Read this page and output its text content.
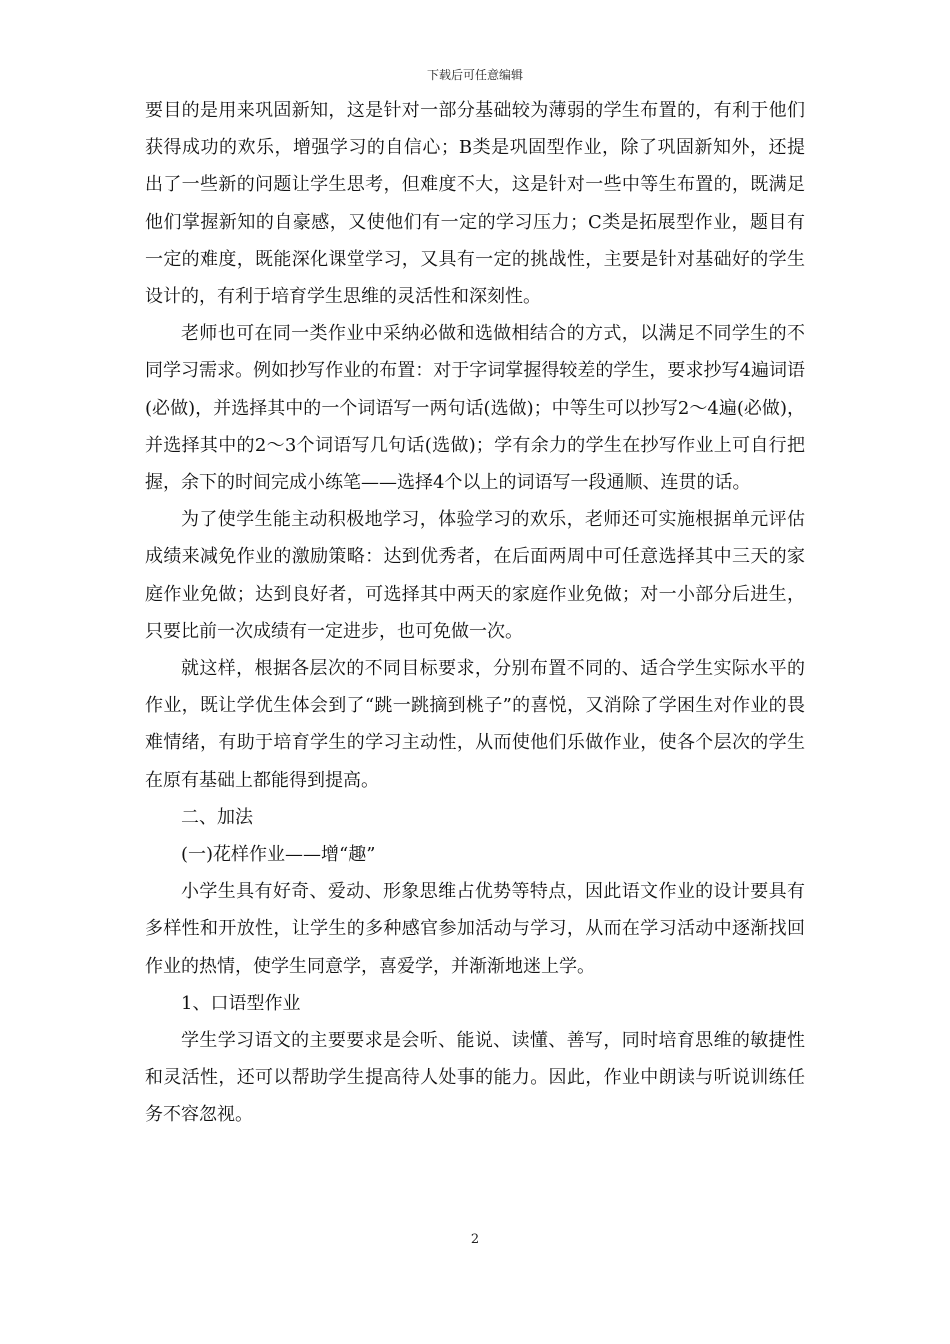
下载后可任意编辑

要目的是用来巩固新知，这是针对一部分基础较为薄弱的学生布置的，有利于他们获得成功的欢乐，增强学习的自信心；B类是巩固型作业，除了巩固新知外，还提出了一些新的问题让学生思考，但难度不大，这是针对一些中等生布置的，既满足他们掌握新知的自豪感，又使他们有一定的学习压力；C类是拓展型作业，题目有一定的难度，既能深化课堂学习，又具有一定的挑战性，主要是针对基础好的学生设计的，有利于培育学生思维的灵活性和深刻性。

老师也可在同一类作业中采纳必做和选做相结合的方式，以满足不同学生的不同学习需求。例如抄写作业的布置：对于字词掌握得较差的学生，要求抄写4遍词语(必做)，并选择其中的一个词语写一两句话(选做)；中等生可以抄写2～4遍(必做)，并选择其中的2～3个词语写几句话(选做)；学有余力的学生在抄写作业上可自行把握，余下的时间完成小练笔——选择4个以上的词语写一段通顺、连贯的话。

为了使学生能主动积极地学习，体验学习的欢乐，老师还可实施根据单元评估成绩来减免作业的激励策略：达到优秀者，在后面两周中可任意选择其中三天的家庭作业免做；达到良好者，可选择其中两天的家庭作业免做；对一小部分后进生，只要比前一次成绩有一定进步，也可免做一次。

就这样，根据各层次的不同目标要求，分别布置不同的、适合学生实际水平的作业，既让学优生体会到了“跳一跳摘到桃子”的喜悦，又消除了学困生对作业的畏难情绪，有助于培育学生的学习主动性，从而使他们乐做作业，使各个层次的学生在原有基础上都能得到提高。

二、加法

(一)花样作业——增“趣”

小学生具有好奇、爱动、形象思维占优势等特点，因此语文作业的设计要具有多样性和开放性，让学生的多种感官参加活动与学习，从而在学习活动中逐渐找回作业的热情，使学生同意学，喜爱学，并渐渐地迷上学。

1、口语型作业

学生学习语文的主要要求是会听、能说、读懂、善写，同时培育思维的敏捷性和灵活性，还可以帮助学生提高待人处事的能力。因此，作业中朗读与听说训练任务不容忽视。

2
